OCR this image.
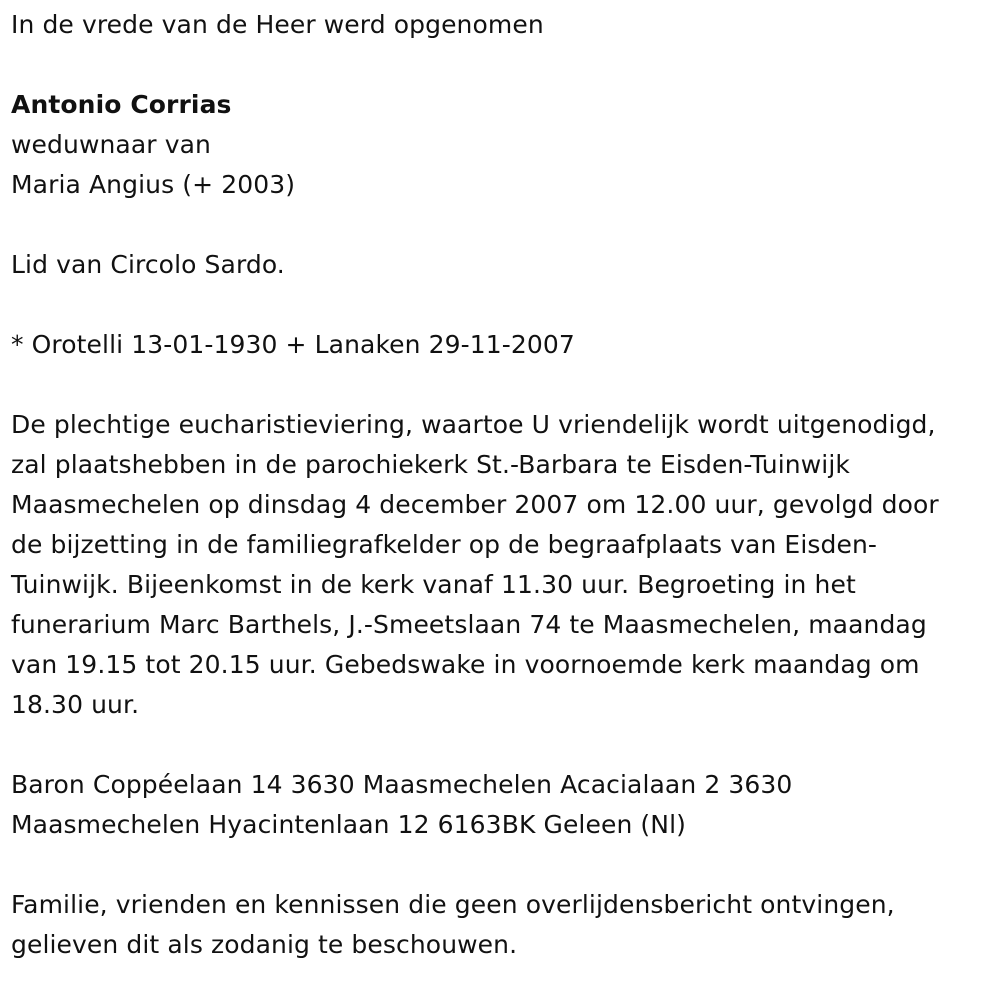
In de vrede van de Heer werd opgenomen
Antonio Corrias
weduwnaar van
Maria Angius (+ 2003)
Lid van Circolo Sardo.
* Orotelli 13-01-1930 + Lanaken 29-11-2007
De plechtige eucharistieviering, waartoe U vriendelijk wordt uitgenodigd,
zal plaatshebben in de parochiekerk St.-Barbara te Eisden-Tuinwijk
Maasmechelen op dinsdag 4 december 2007 om 12.00 uur, gevolgd door
de bijzetting in de familiegrafkelder op de begraafplaats van Eisden-
Tuinwijk. Bijeenkomst in de kerk vanaf 11.30 uur. Begroeting in het
funerarium Marc Barthels, J.-Smeetslaan 74 te Maasmechelen, maandag
van 19.15 tot 20.15 uur. Gebedswake in voornoemde kerk maandag om
18.30 uur.
Baron Coppéelaan 14 3630 Maasmechelen Acacialaan 2 3630
Maasmechelen Hyacintenlaan 12 6163BK Geleen (Nl)
Familie, vrienden en kennissen die geen overlijdensbericht ontvingen,
gelieven dit als zodanig te beschouwen.
